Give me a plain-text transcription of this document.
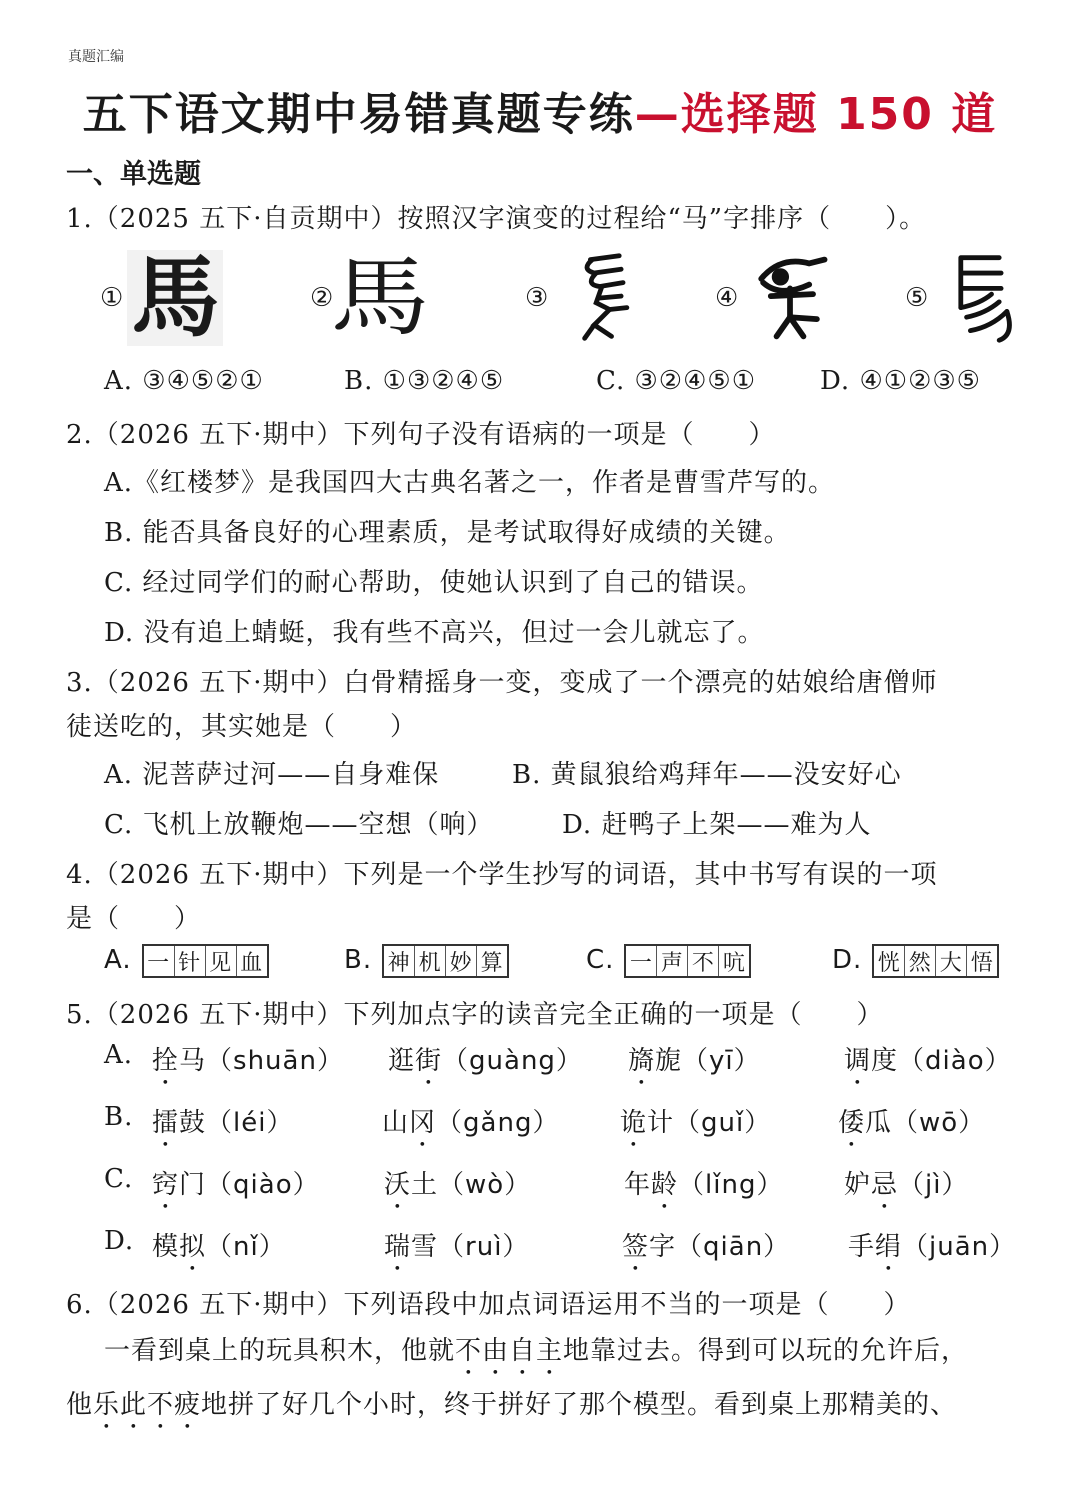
真题汇编
五下语文期中易错真题专练—选择题 150 道
一、单选题
1.（2025 五下·自贡期中）按照汉字演变的过程给“马”字排序（　　）。
① 馬	②
馬	③	④	⑤
A. ③④⑤②①	B. ①③②④⑤	C. ③②④⑤① D. ④①②③⑤
2.（2026 五下·期中）下列句子没有语病的一项是（　　）
A.《红楼梦》是我国四大古典名著之一，作者是曹雪芹写的。
B. 能否具备良好的心理素质，是考试取得好成绩的关键。
C. 经过同学们的耐心帮助，使她认识到了自己的错误。
D. 没有追上蜻蜓，我有些不高兴，但过一会儿就忘了。
3.（2026 五下·期中）白骨精摇身一变，变成了一个漂亮的姑娘给唐僧师
徒送吃的，其实她是（　　）
A. 泥菩萨过河——自身难保	B. 黄鼠狼给鸡拜年——没安好心
C. 飞机上放鞭炮——空想（响）	D. 赶鸭子上架——难为人
4.（2026 五下·期中）下列是一个学生抄写的词语，其中书写有误的一项
是（　　）
A. 一 针 见 血	B. 神 机 妙 算	C. 一 声 不 吭	D. 恍 然 大 悟
5.（2026 五下·期中）下列加点字的读音完全正确的一项是（　　）
A. 拴马（shuān） 逛街（guàng） 旖旎（yī）	调度（diào）
B. 擂鼓（léi）	山冈（gǎng） 诡计（guǐ）	倭瓜（wō）
C. 窍门（qiào） 沃土（wò）	年龄（lǐng） 妒忌（jì）
D. 模拟（nǐ）	瑞雪（ruì）	签字（qiān） 手绢（juān）
6.（2026 五下·期中）下列语段中加点词语运用不当的一项是（　　）
一看到桌上的玩具积木，他就不由自主地靠过去。得到可以玩的允许后，
他乐此不疲地拼了好几个小时，终于拼好了那个模型。看到桌上那精美的、
